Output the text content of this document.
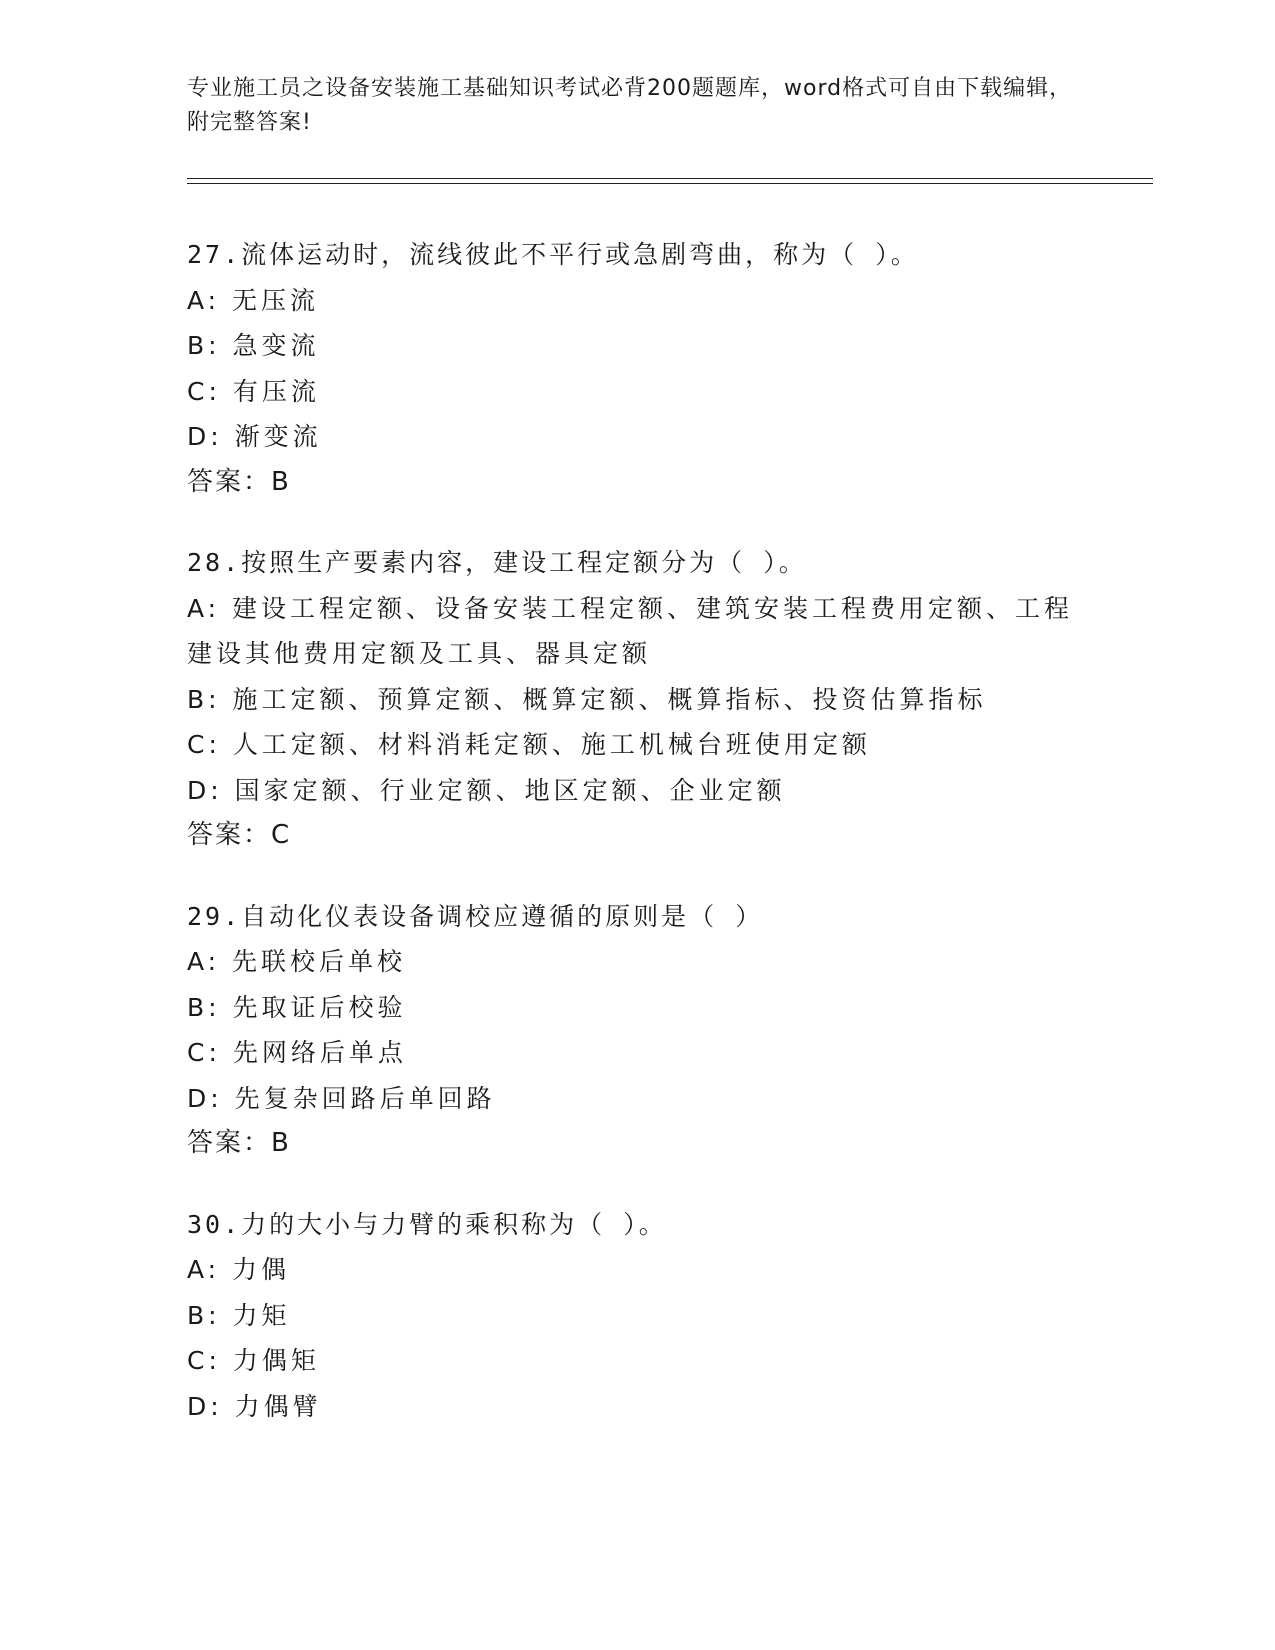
专业施工员之设备安装施工基础知识考试必背200题题库，word格式可自由下载编辑，附完整答案!
27.流体运动时，流线彼此不平行或急剧弯曲，称为（ ）。
A: 无压流
B: 急变流
C: 有压流
D: 渐变流
答案：B
28.按照生产要素内容，建设工程定额分为（ ）。
A: 建设工程定额、设备安装工程定额、建筑安装工程费用定额、工程建设其他费用定额及工具、器具定额
B: 施工定额、预算定额、概算定额、概算指标、投资估算指标
C: 人工定额、材料消耗定额、施工机械台班使用定额
D: 国家定额、行业定额、地区定额、企业定额
答案：C
29.自动化仪表设备调校应遵循的原则是（ ）
A: 先联校后单校
B: 先取证后校验
C: 先网络后单点
D: 先复杂回路后单回路
答案：B
30.力的大小与力臂的乘积称为（ ）。
A: 力偶
B: 力矩
C: 力偶矩
D: 力偶臂
